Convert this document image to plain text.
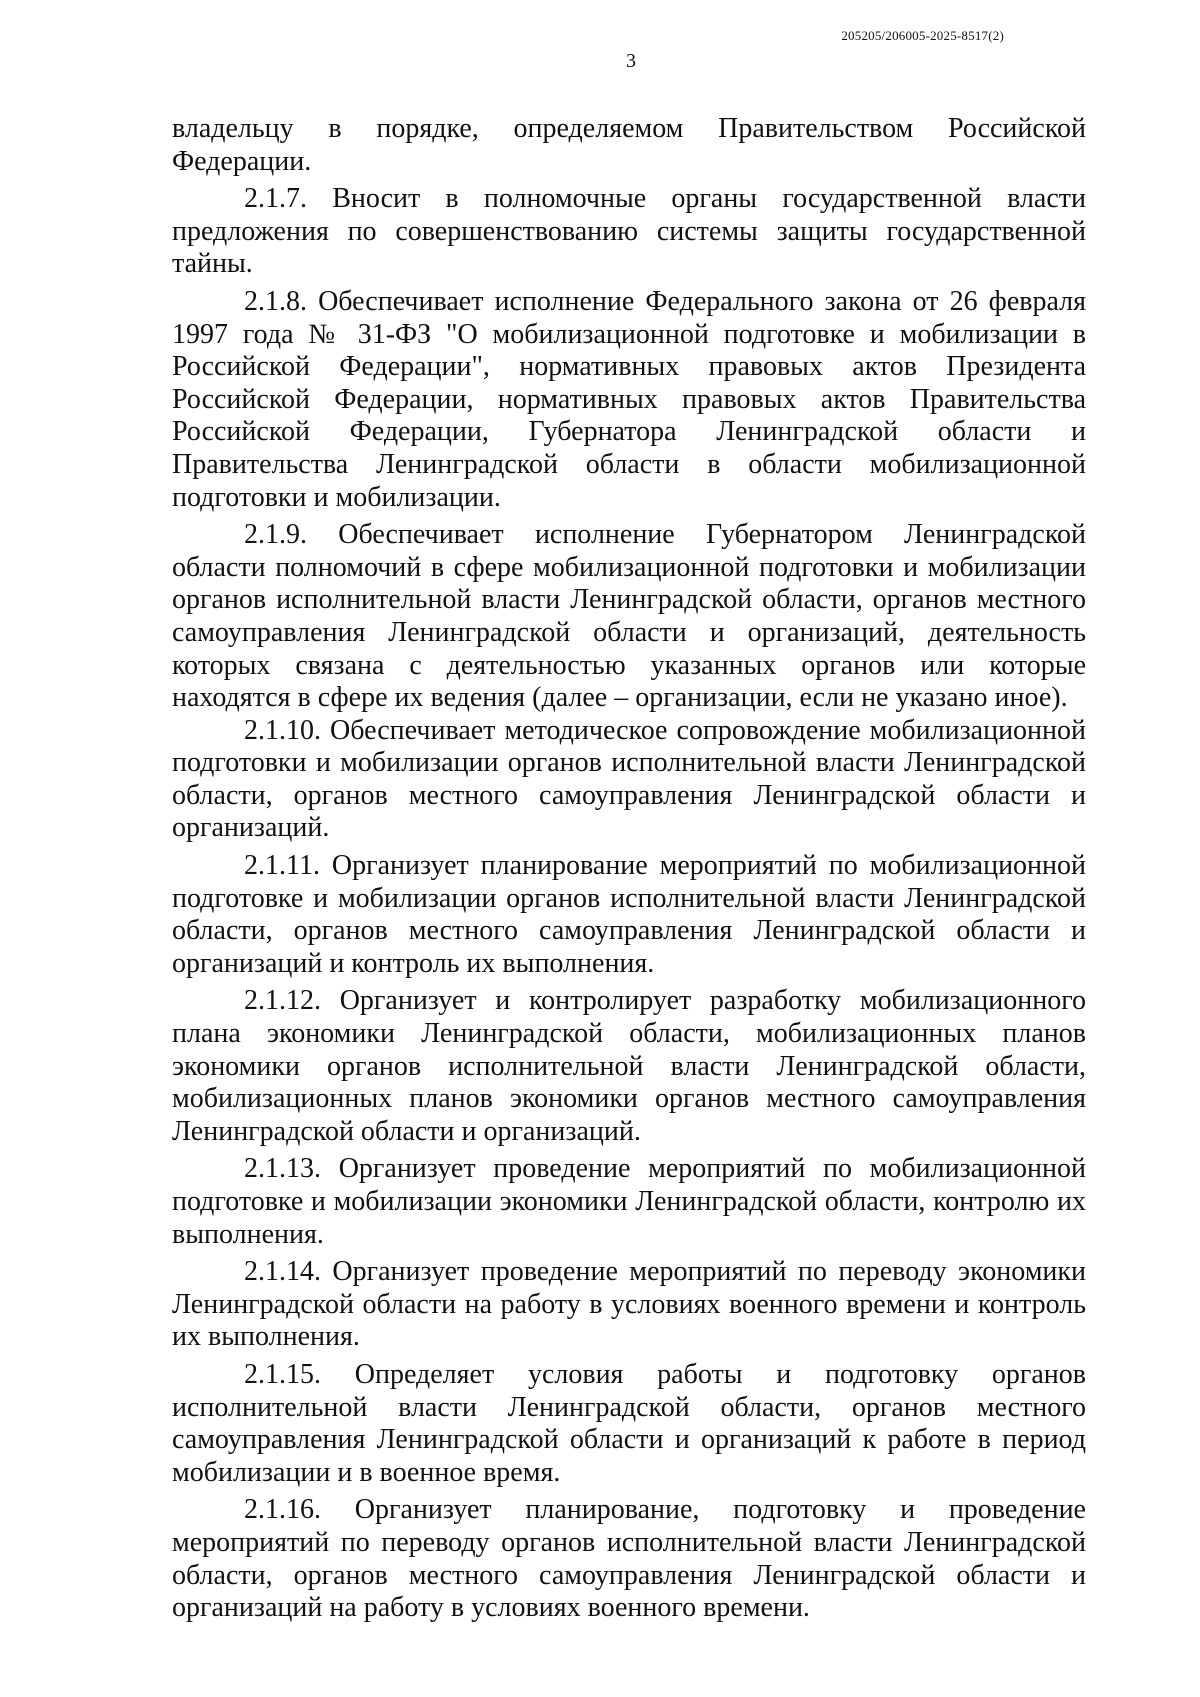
205205/206005-2025-8517(2)
3

владельцу в порядке, определяемом Правительством Российской Федерации.

2.1.7. Вносит в полномочные органы государственной власти предложения по совершенствованию системы защиты государственной тайны.

2.1.8. Обеспечивает исполнение Федерального закона от 26 февраля 1997 года № 31-ФЗ "О мобилизационной подготовке и мобилизации в Российской Федерации", нормативных правовых актов Президента Российской Федерации, нормативных правовых актов Правительства Российской Федерации, Губернатора Ленинградской области и Правительства Ленинградской области в области мобилизационной подготовки и мобилизации.

2.1.9. Обеспечивает исполнение Губернатором Ленинградской области полномочий в сфере мобилизационной подготовки и мобилизации органов исполнительной власти Ленинградской области, органов местного самоуправления Ленинградской области и организаций, деятельность которых связана с деятельностью указанных органов или которые находятся в сфере их ведения (далее – организации, если не указано иное).

2.1.10. Обеспечивает методическое сопровождение мобилизационной подготовки и мобилизации органов исполнительной власти Ленинградской области, органов местного самоуправления Ленинградской области и организаций.

2.1.11. Организует планирование мероприятий по мобилизационной подготовке и мобилизации органов исполнительной власти Ленинградской области, органов местного самоуправления Ленинградской области и организаций и контроль их выполнения.

2.1.12. Организует и контролирует разработку мобилизационного плана экономики Ленинградской области, мобилизационных планов экономики органов исполнительной власти Ленинградской области, мобилизационных планов экономики органов местного самоуправления Ленинградской области и организаций.

2.1.13. Организует проведение мероприятий по мобилизационной подготовке и мобилизации экономики Ленинградской области, контролю их выполнения.

2.1.14. Организует проведение мероприятий по переводу экономики Ленинградской области на работу в условиях военного времени и контроль их выполнения.

2.1.15. Определяет условия работы и подготовку органов исполнительной власти Ленинградской области, органов местного самоуправления Ленинградской области и организаций к работе в период мобилизации и в военное время.

2.1.16. Организует планирование, подготовку и проведение мероприятий по переводу органов исполнительной власти Ленинградской области, органов местного самоуправления Ленинградской области и организаций на работу в условиях военного времени.
